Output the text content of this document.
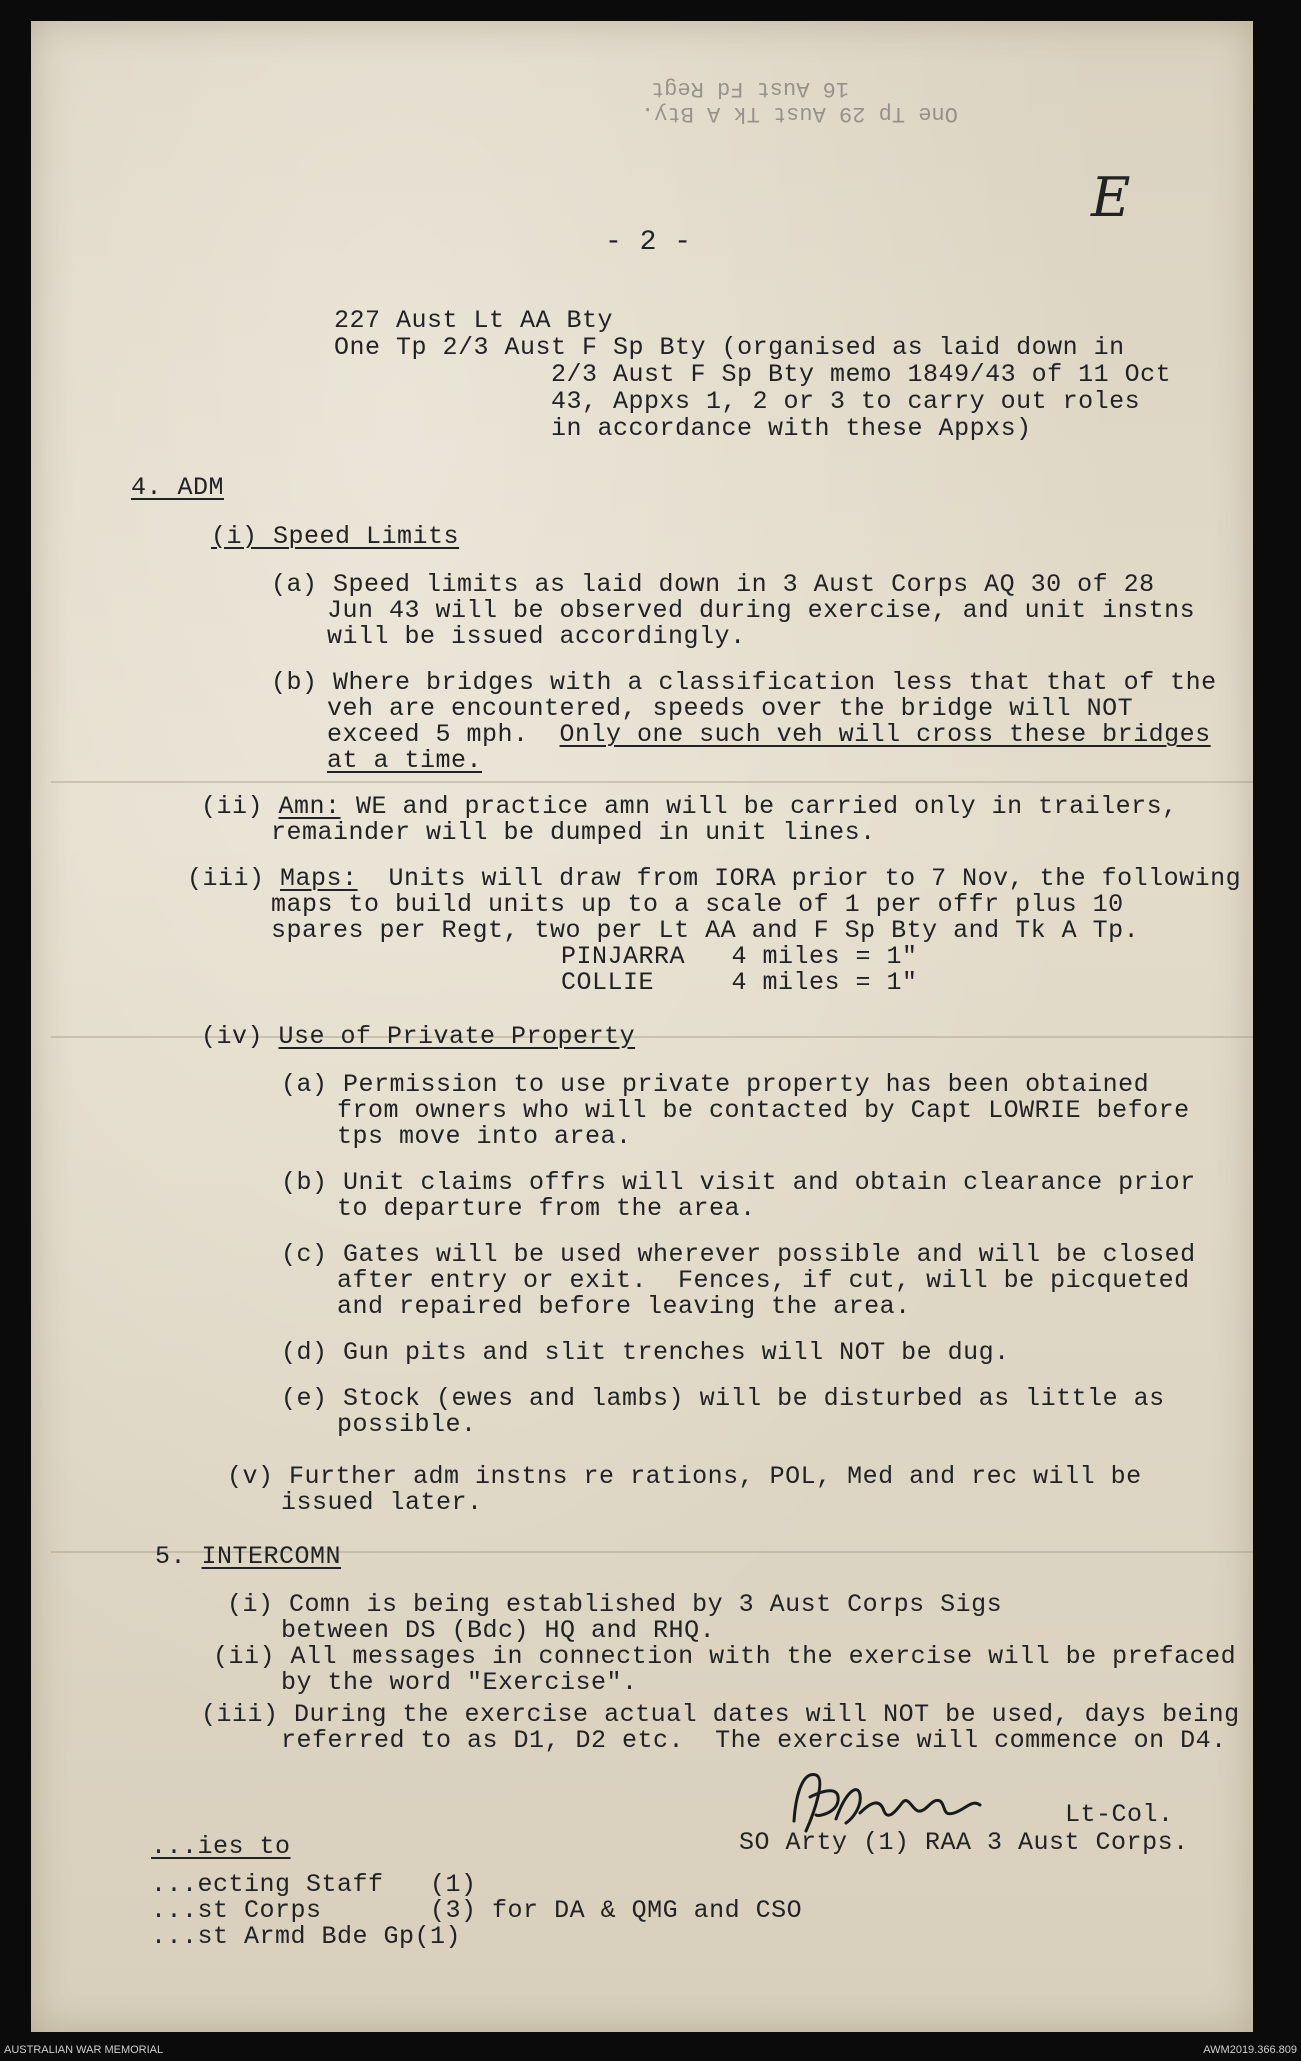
16 Aust Fd Regt
One Tp 29 Aust Tk A Bty.
E
- 2 -
227 Aust Lt AA Bty
One Tp 2/3 Aust F Sp Bty (organised as laid down in
2/3 Aust F Sp Bty memo 1849/43 of 11 Oct
43, Appxs 1, 2 or 3 to carry out roles
in accordance with these Appxs)
4. ADM
(i) Speed Limits
(a) Speed limits as laid down in 3 Aust Corps AQ 30 of 28
Jun 43 will be observed during exercise, and unit instns
will be issued accordingly.
(b) Where bridges with a classification less that that of the
veh are encountered, speeds over the bridge will NOT
exceed 5 mph.  Only one such veh will cross these bridges
at a time.
(ii) Amn: WE and practice amn will be carried only in trailers,
remainder will be dumped in unit lines.
(iii) Maps:  Units will draw from IORA prior to 7 Nov, the following
maps to build units up to a scale of 1 per offr plus 10
spares per Regt, two per Lt AA and F Sp Bty and Tk A Tp.
PINJARRA   4 miles = 1"
COLLIE     4 miles = 1"
(iv) Use of Private Property
(a) Permission to use private property has been obtained
from owners who will be contacted by Capt LOWRIE before
tps move into area.
(b) Unit claims offrs will visit and obtain clearance prior
to departure from the area.
(c) Gates will be used wherever possible and will be closed
after entry or exit.  Fences, if cut, will be picqueted
and repaired before leaving the area.
(d) Gun pits and slit trenches will NOT be dug.
(e) Stock (ewes and lambs) will be disturbed as little as
possible.
(v) Further adm instns re rations, POL, Med and rec will be
issued later.
5. INTERCOMN
(i) Comn is being established by 3 Aust Corps Sigs
between DS (Bdc) HQ and RHQ.
(ii) All messages in connection with the exercise will be prefaced
by the word "Exercise".
(iii) During the exercise actual dates will NOT be used, days being
referred to as D1, D2 etc.  The exercise will commence on D4.
Lt-Col.
SO Arty (1) RAA 3 Aust Corps.
...ies to
...ecting Staff   (1)
...st Corps       (3) for DA & QMG and CSO
...st Armd Bde Gp(1)
AUSTRALIAN WAR MEMORIAL	AWM2019.366.809
